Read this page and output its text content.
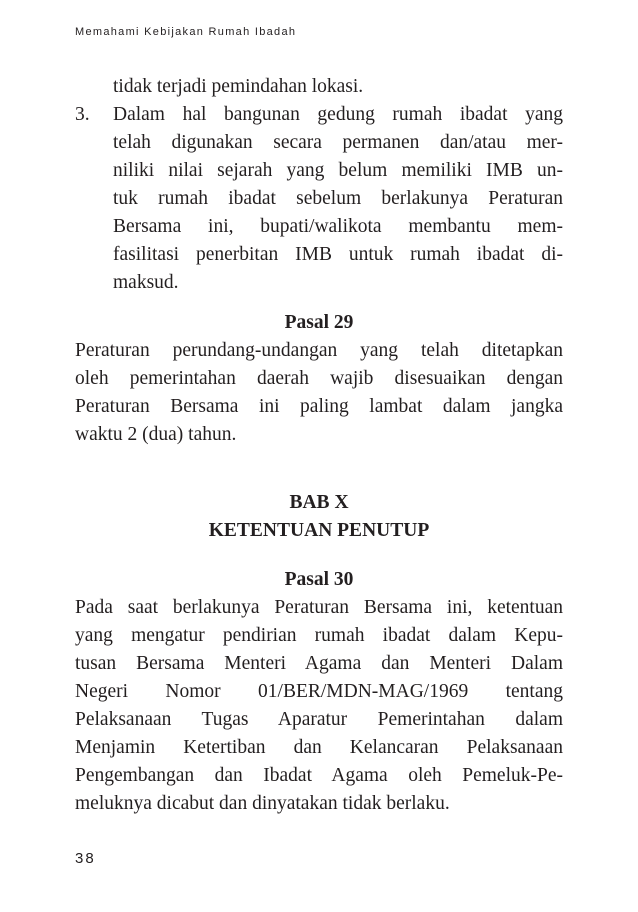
Memahami Kebijakan Rumah Ibadah
tidak terjadi pemindahan lokasi.
3. Dalam hal bangunan gedung rumah ibadat yang
telah digunakan secara permanen dan/atau mer-
niliki nilai sejarah yang belum memiliki IMB un-
tuk rumah ibadat sebelum berlakunya Peraturan
Bersama ini, bupati/walikota membantu mem-
fasilitasi penerbitan IMB untuk rumah ibadat di-
maksud.
Pasal 29
Peraturan perundang-undangan yang telah ditetapkan
oleh pemerintahan daerah wajib disesuaikan dengan
Peraturan Bersama ini paling lambat dalam jangka
waktu 2 (dua) tahun.
BAB X
KETENTUAN PENUTUP
Pasal 30
Pada saat berlakunya Peraturan Bersama ini, ketentuan
yang mengatur pendirian rumah ibadat dalam Kepu-
tusan Bersama Menteri Agama dan Menteri Dalam
Negeri Nomor 01/BER/MDN-MAG/1969 tentang
Pelaksanaan Tugas Aparatur Pemerintahan dalam
Menjamin Ketertiban dan Kelancaran Pelaksanaan
Pengembangan dan Ibadat Agama oleh Pemeluk-Pe-
meluknya dicabut dan dinyatakan tidak berlaku.
38
